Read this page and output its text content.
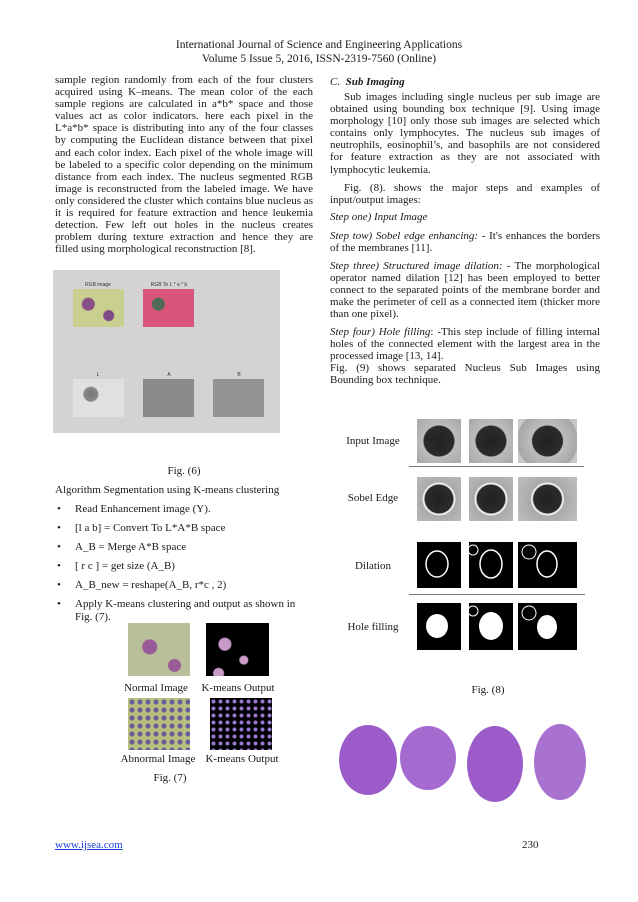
International Journal of Science and Engineering Applications
Volume 5 Issue 5, 2016, ISSN-2319-7560 (Online)
sample region randomly from each of the four clusters acquired using K–means. The mean color of the each sample regions are calculated in a*b* space and those values act as color indicators. here each pixel in the L*a*b* space is distributing into any of the four classes by computing the Euclidean distance between that pixel and each color index. Each pixel of the whole image will be labeled to a specific color depending on the minimum distance from each index. The nucleus segmented RGB image is reconstructed from the labeled image. We have only considered the cluster which contains blue nucleus as it is required for feature extraction and hence leukemia detection. Few left out holes in the nucleus creates problem during texture extraction and hence they are filled using morphological reconstruction [8].
RGB image	RGB To L * a * b
L	A	B
Fig. (6)
Algorithm Segmentation using K-means clustering
• Read Enhancement image (Y).
• [l a b] = Convert To L*A*B space
• A_B = Merge A*B space
• [ r c ] = get size (A_B)
• A_B_new = reshape(A_B, r*c , 2)
• Apply K-means clustering and output as shown in Fig. (7).
Normal Image	K-means Output
Abnormal Image K-means Output
Fig. (7)
C. Sub Imaging
Sub images including single nucleus per sub image are obtained using bounding box technique [9]. Using image morphology [10] only those sub images are selected which contains only lymphocytes. The nucleus sub images of neutrophils, eosinophil’s, and basophils are not considered for feature extraction as they are not associated with lymphocytic leukemia.
Fig. (8). shows the major steps and examples of input/output images:
Step one) Input Image
Step tow) Sobel edge enhancing: - It's enhances the borders of the membranes [11].
Step three) Structured image dilation: - The morphological operator named dilation [12] has been employed to better connect to the separated points of the membrane border and make the perimeter of cell as a connected item (thicker more than one pixel).
Step four) Hole filling: -This step include of filling internal holes of the connected element with the largest area in the processed image [13, 14].
Fig. (9) shows separated Nucleus Sub Images using Bounding box technique.
Input Image
Sobel Edge
Dilation
Hole filling
Fig. (8)
www.ijsea.com	230
